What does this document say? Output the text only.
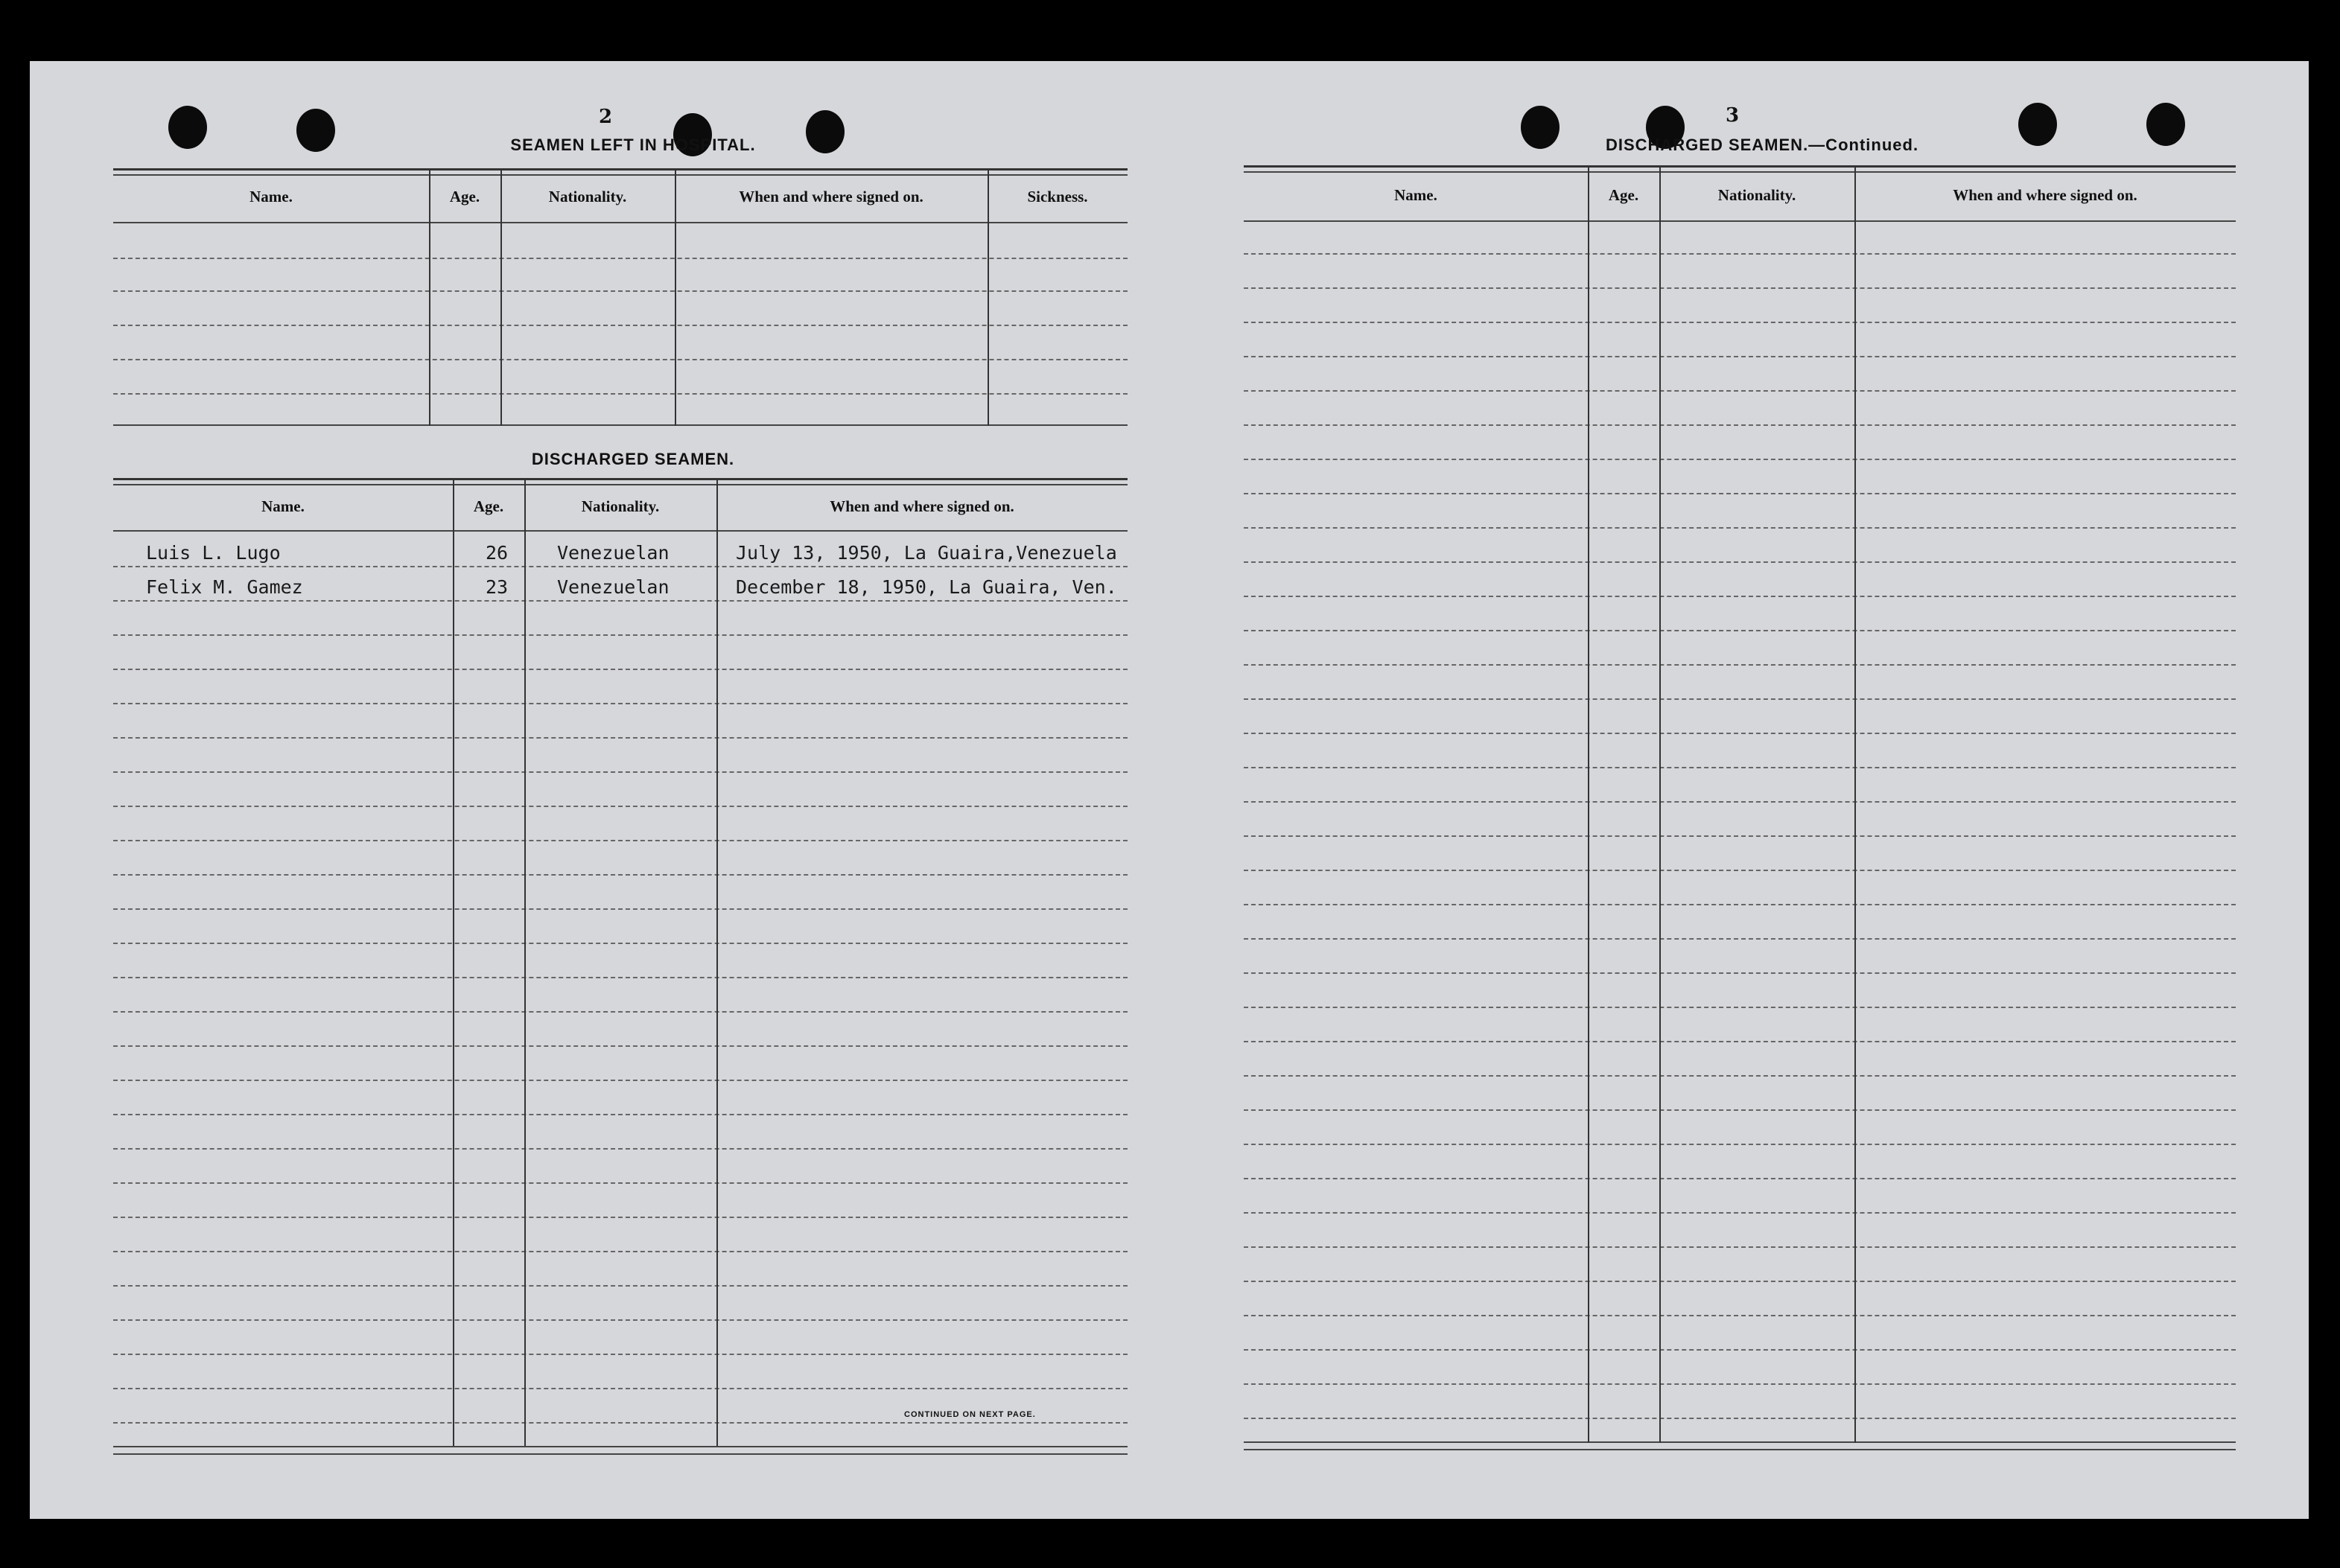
2
SEAMEN LEFT IN HOSPITAL.
Name.	Age.	Nationality.	When and where signed on.	Sickness.
DISCHARGED SEAMEN.
Name.	Age.	Nationality.	When and where signed on.
Luis L. Lugo	26	Venezuelan	July 13, 1950, La Guaira,Venezuela
Felix M. Gamez	23	Venezuelan	December 18, 1950, La Guaira, Ven.
CONTINUED ON NEXT PAGE.
3
DISCHARGED SEAMEN.—Continued.
Name.	Age.	Nationality.	When and where signed on.
